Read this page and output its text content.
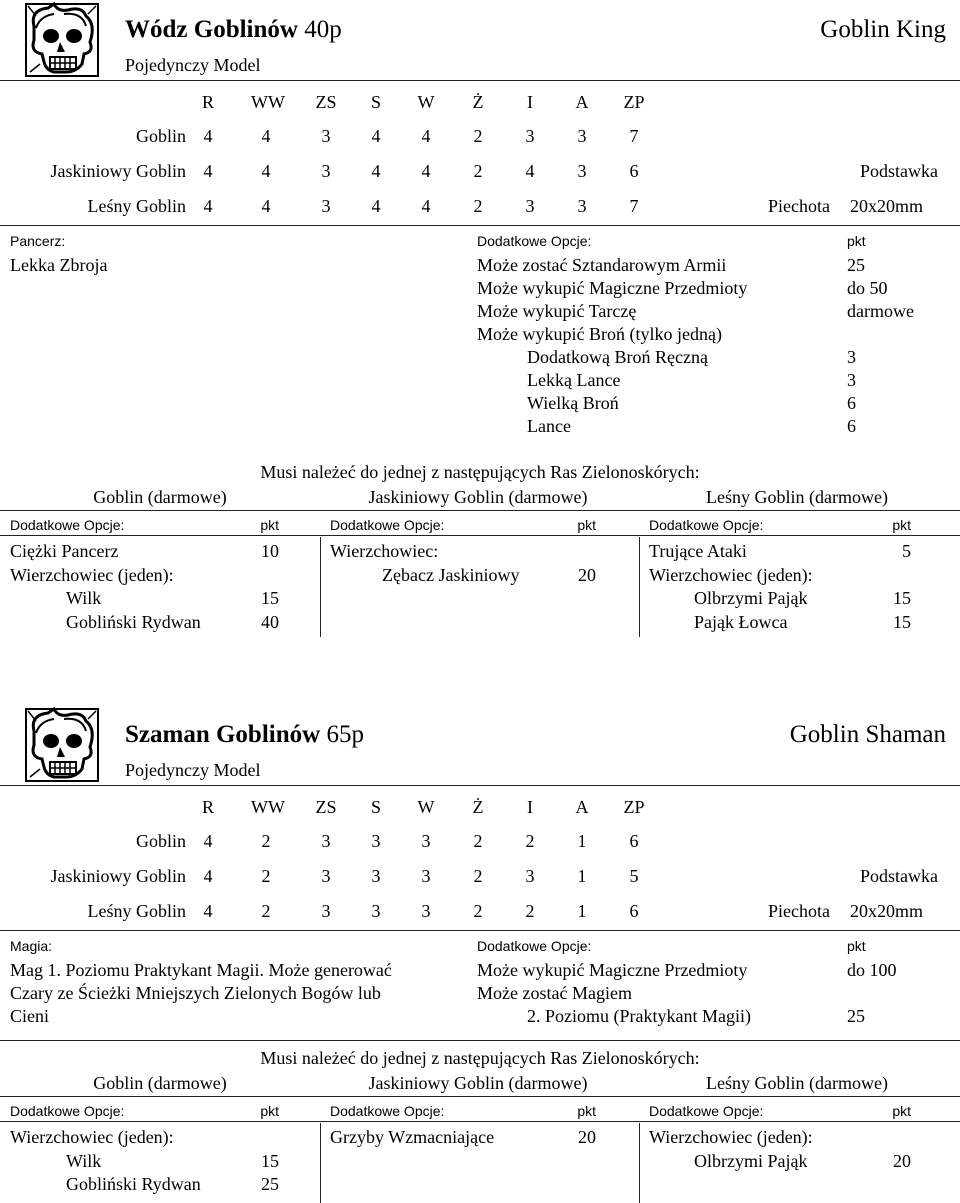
Wódz Goblinów 40p	Goblin King
Pojedynczy Model
R	WW ZS	S	W	Ż	I	A	ZP
Goblin 4	4	3	4	4	2	3	3	7
Jaskiniowy Goblin 4	4	3	4	4	2	4	3	6
Leśny Goblin 4	4	3	4	4	2	3	3	7
Podstawka
Piechota 20x20mm
Pancerz:	Dodatkowe Opcje:	pkt
Może zostać Sztandarowym Armii	25
Może wykupić Magiczne Przedmioty	do 50
Może wykupić Tarczę	darmowe
Może wykupić Broń (tylko jedną)
Dodatkową Broń Ręczną	3
Lekką Lance	3
Wielką Broń	6
Lance	6
Lekka Zbroja
Musi należeć do jednej z następujących Ras Zielonoskórych:
Goblin (darmowe)	Jaskiniowy Goblin (darmowe)	Leśny Goblin (darmowe)
Dodatkowe Opcje:	pkt
Ciężki Pancerz	10
Wierzchowiec (jeden):
Wilk	15
Gobliński Rydwan	40
Dodatkowe Opcje:	pkt
Wierzchowiec:
Zębacz Jaskiniowy	20
Dodatkowe Opcje:	pkt
Trujące Ataki	5
Wierzchowiec (jeden):
Olbrzymi Pająk	15
Pająk Łowca	15
Szaman Goblinów 65p	Goblin Shaman
Pojedynczy Model
R	WW ZS	S	W	Ż	I	A	ZP
Goblin 4	2	3	3	3	2	2	1	6
Jaskiniowy Goblin 4	2	3	3	3	2	3	1	5
Leśny Goblin 4	2	3	3	3	2	2	1	6
Podstawka
Piechota 20x20mm
Magia:	Dodatkowe Opcje:	pkt
Może wykupić Magiczne Przedmioty	do 100
Może zostać Magiem
2. Poziomu (Praktykant Magii)	25
Mag 1. Poziomu Praktykant Magii. Może generować
Czary ze Ścieżki Mniejszych Zielonych Bogów lub
Cieni
Musi należeć do jednej z następujących Ras Zielonoskórych:
Goblin (darmowe)	Jaskiniowy Goblin (darmowe)	Leśny Goblin (darmowe)
Dodatkowe Opcje:	pkt
Wierzchowiec (jeden):
Wilk	15
Gobliński Rydwan	25
Dodatkowe Opcje:	pkt
Grzyby Wzmacniające	20
Dodatkowe Opcje:	pkt
Wierzchowiec (jeden):
Olbrzymi Pająk	20
